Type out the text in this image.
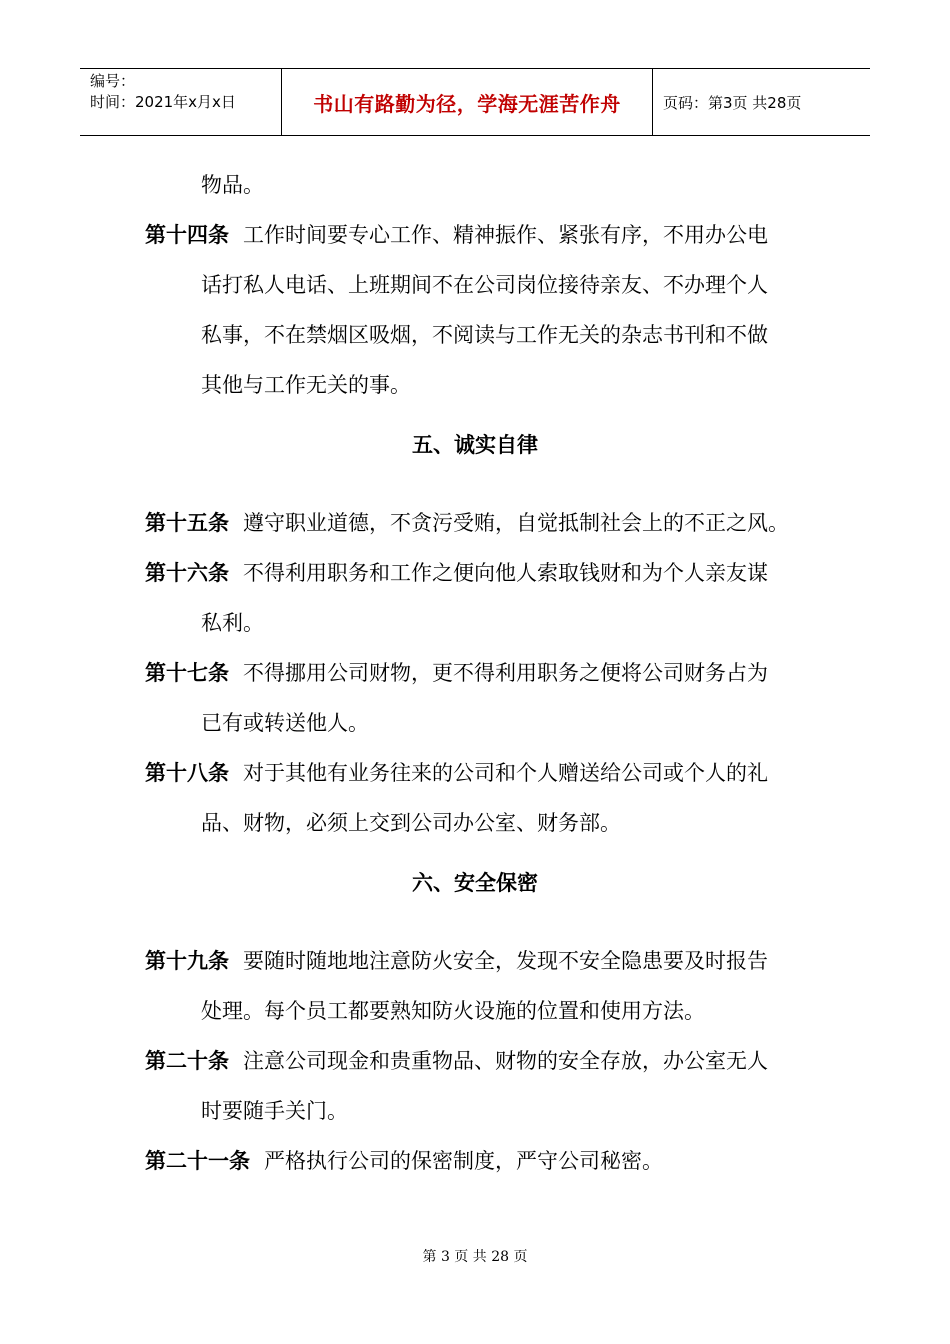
编号：
时间：2021年x月x日	书山有路勤为径，学海无涯苦作舟	页码：第3页 共28页
物品。
第十四条 工作时间要专心工作、精神振作、紧张有序，不用办公电
话打私人电话、上班期间不在公司岗位接待亲友、不办理个人
私事，不在禁烟区吸烟，不阅读与工作无关的杂志书刊和不做
其他与工作无关的事。
五、诚实自律
第十五条 遵守职业道德，不贪污受贿，自觉抵制社会上的不正之风。
第十六条 不得利用职务和工作之便向他人索取钱财和为个人亲友谋
私利。
第十七条 不得挪用公司财物，更不得利用职务之便将公司财务占为
已有或转送他人。
第十八条 对于其他有业务往来的公司和个人赠送给公司或个人的礼
品、财物，必须上交到公司办公室、财务部。
六、安全保密
第十九条 要随时随地地注意防火安全，发现不安全隐患要及时报告
处理。每个员工都要熟知防火设施的位置和使用方法。
第二十条 注意公司现金和贵重物品、财物的安全存放，办公室无人
时要随手关门。
第二十一条 严格执行公司的保密制度，严守公司秘密。
第 3 页 共 28 页
